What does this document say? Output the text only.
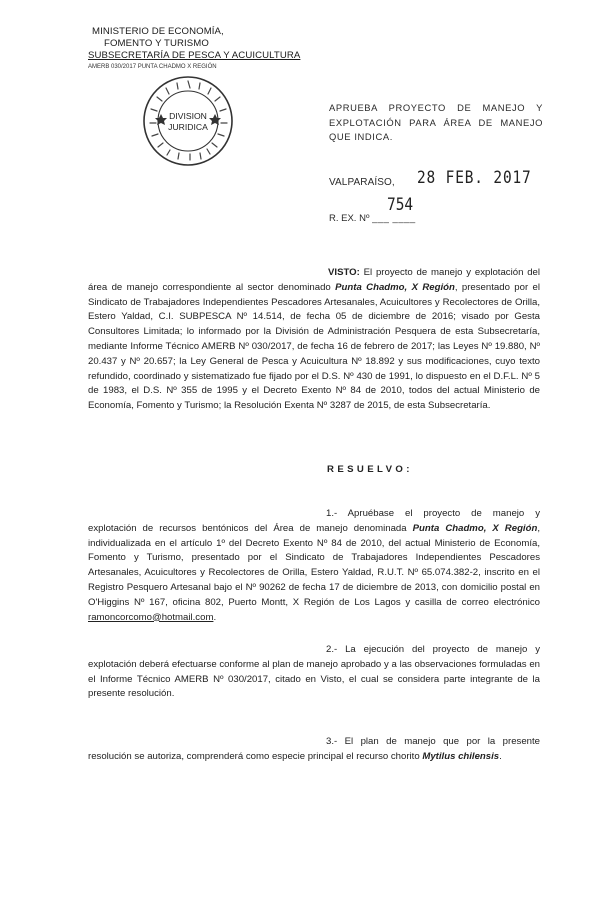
MINISTERIO DE ECONOMÍA,
FOMENTO Y TURISMO
SUBSECRETARÍA DE PESCA Y ACUICULTURA
AMERB 030/2017 PUNTA CHADMO X REGIÓN
DIVISION
JURIDICA
APRUEBA PROYECTO DE MANEJO Y EXPLOTACIÓN PARA ÁREA DE MANEJO QUE INDICA.
VALPARAÍSO, 28 FEB. 2017
R. EX. Nº ___ ____
754
VISTO: El proyecto de manejo y explotación del área de manejo correspondiente al sector denominado Punta Chadmo, X Región, presentado por el Sindicato de Trabajadores Independientes Pescadores Artesanales, Acuicultores y Recolectores de Orilla, Estero Yaldad, C.I. SUBPESCA Nº 14.514, de fecha 05 de diciembre de 2016; visado por Gesta Consultores Limitada; lo informado por la División de Administración Pesquera de esta Subsecretaría, mediante Informe Técnico AMERB Nº 030/2017, de fecha 16 de febrero de 2017; las Leyes Nº 19.880, Nº 20.437 y Nº 20.657; la Ley General de Pesca y Acuicultura Nº 18.892 y sus modificaciones, cuyo texto refundido, coordinado y sistematizado fue fijado por el D.S. Nº 430 de 1991, lo dispuesto en el D.F.L. Nº 5 de 1983, el D.S. Nº 355 de 1995 y el Decreto Exento Nº 84 de 2010, todos del actual Ministerio de Economía, Fomento y Turismo; la Resolución Exenta Nº 3287 de 2015, de esta Subsecretaría.
RESUELVO:
1.- Apruébase el proyecto de manejo y explotación de recursos bentónicos del Área de manejo denominada Punta Chadmo, X Región, individualizada en el artículo 1º del Decreto Exento Nº 84 de 2010, del actual Ministerio de Economía, Fomento y Turismo, presentado por el Sindicato de Trabajadores Independientes Pescadores Artesanales, Acuicultores y Recolectores de Orilla, Estero Yaldad, R.U.T. Nº 65.074.382-2, inscrito en el Registro Pesquero Artesanal bajo el Nº 90262 de fecha 17 de diciembre de 2013, con domicilio postal en O'Higgins Nº 167, oficina 802, Puerto Montt, X Región de Los Lagos y casilla de correo electrónico ramoncorcomo@hotmail.com.
2.- La ejecución del proyecto de manejo y explotación deberá efectuarse conforme al plan de manejo aprobado y a las observaciones formuladas en el Informe Técnico AMERB Nº 030/2017, citado en Visto, el cual se considera parte integrante de la presente resolución.
3.- El plan de manejo que por la presente resolución se autoriza, comprenderá como especie principal el recurso chorito Mytilus chilensis.
